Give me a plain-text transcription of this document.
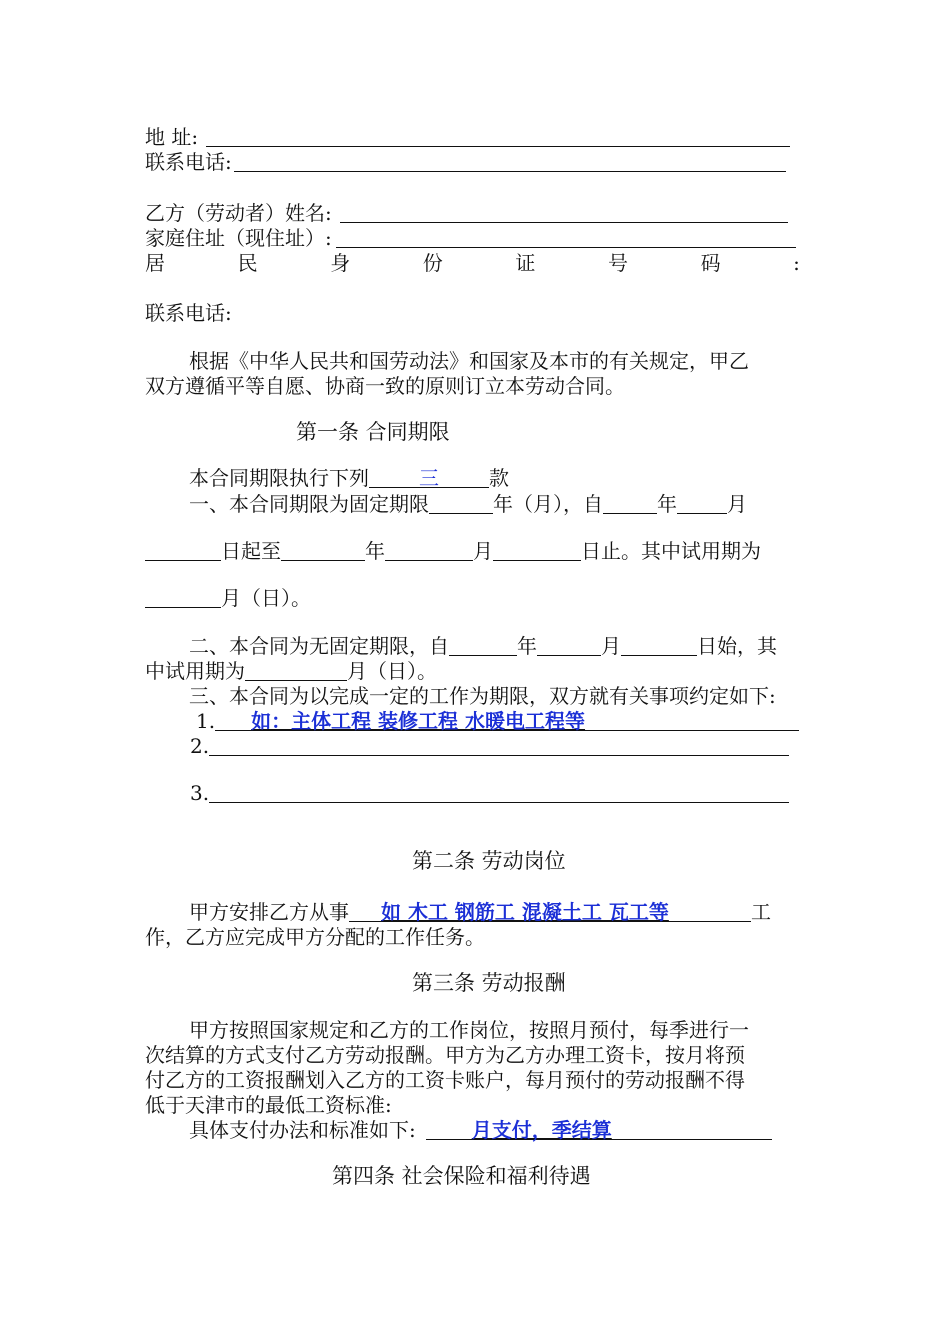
地 址:
联系电话:
乙方（劳动者）姓名:
家庭住址（现住址）:
居	民	身	份	证	号	码	:
联系电话:
根据《中华人民共和国劳动法》和国家及本市的有关规定，甲乙
双方遵循平等自愿、协商一致的原则订立本劳动合同。
第一条 合同期限
本合同期限执行下列	三	款
一、本合同期限为固定期限	年（月），自	年	月
日起至	年	月	日止。其中试用期为
月（日）。
二、本合同为无固定期限，自	年	月	日始，其
中试用期为	月（日）。
三、本合同为以完成一定的工作为期限，双方就有关事项约定如下:
1. 如：主体工程 装修工程 水暖电工程等
2.
3.
第二条 劳动岗位
甲方安排乙方从事 如 木工 钢筋工 混凝土工 瓦工等	工
作，乙方应完成甲方分配的工作任务。
第三条 劳动报酬
甲方按照国家规定和乙方的工作岗位，按照月预付，每季进行一
次结算的方式支付乙方劳动报酬。甲方为乙方办理工资卡，按月将预
付乙方的工资报酬划入乙方的工资卡账户，每月预付的劳动报酬不得
低于天津市的最低工资标准:
具体支付办法和标准如下:	月支付，季结算
第四条 社会保险和福利待遇
